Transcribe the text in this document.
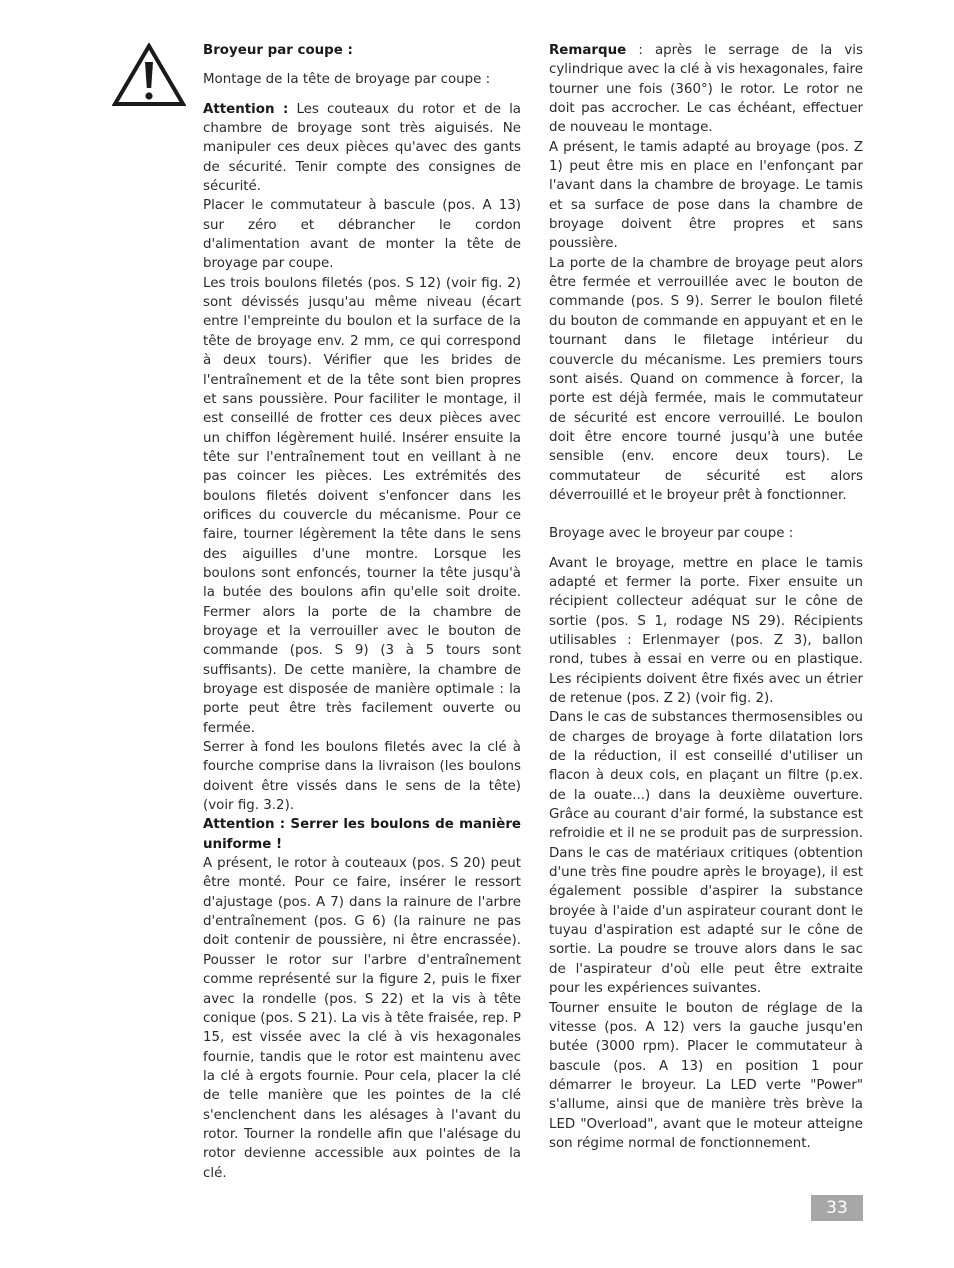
Broyeur par coupe :

Montage de la tête de broyage par coupe :

Attention : Les couteaux du rotor et de la chambre de broyage sont très aiguisés. Ne manipuler ces deux pièces qu'avec des gants de sécurité. Tenir compte des consignes de sécurité.

Placer le commutateur à bascule (pos. A 13) sur zéro et débrancher le cordon d'alimentation avant de monter la tête de broyage par coupe.

Les trois boulons filetés (pos. S 12) (voir fig. 2) sont dévissés jusqu'au même niveau (écart entre l'empreinte du boulon et la surface de la tête de broyage env. 2 mm, ce qui correspond à deux tours). Vérifier que les brides de l'entraînement et de la tête sont bien propres et sans poussière. Pour faciliter le montage, il est conseillé de frotter ces deux pièces avec un chiffon légèrement huilé. Insérer ensuite la tête sur l'entraînement tout en veillant à ne pas coincer les pièces. Les extrémités des boulons filetés doivent s'enfoncer dans les orifices du couvercle du mécanisme. Pour ce faire, tourner légèrement la tête dans le sens des aiguilles d'une montre. Lorsque les boulons sont enfoncés, tourner la tête jusqu'à la butée des boulons afin qu'elle soit droite. Fermer alors la porte de la chambre de broyage et la verrouiller avec le bouton de commande (pos. S 9) (3 à 5 tours sont suffisants). De cette manière, la chambre de broyage est disposée de manière optimale : la porte peut être très facilement ouverte ou fermée.

Serrer à fond les boulons filetés avec la clé à fourche comprise dans la livraison (les boulons doivent être vissés dans le sens de la tête) (voir fig. 3.2).

Attention : Serrer les boulons de manière uniforme !

A présent, le rotor à couteaux (pos. S 20) peut être monté. Pour ce faire, insérer le ressort d'ajustage (pos. A 7) dans la rainure de l'arbre d'entraînement (pos. G 6) (la rainure ne pas doit contenir de poussière, ni être encrassée). Pousser le rotor sur l'arbre d'entraînement comme représenté sur la figure 2, puis le fixer avec la rondelle (pos. S 22) et la vis à tête conique (pos. S 21). La vis à tête fraisée, rep. P 15, est vissée avec la clé à vis hexagonales fournie, tandis que le rotor est maintenu avec la clé à ergots fournie. Pour cela, placer la clé de telle manière que les pointes de la clé s'enclenchent dans les alésages à l'avant du rotor. Tourner la rondelle afin que l'alésage du rotor devienne accessible aux pointes de la clé.

Remarque : après le serrage de la vis cylindrique avec la clé à vis hexagonales, faire tourner une fois (360°) le rotor. Le rotor ne doit pas accrocher. Le cas échéant, effectuer de nouveau le montage.

A présent, le tamis adapté au broyage (pos. Z 1) peut être mis en place en l'enfonçant par l'avant dans la chambre de broyage. Le tamis et sa surface de pose dans la chambre de broyage doivent être propres et sans poussière.

La porte de la chambre de broyage peut alors être fermée et verrouillée avec le bouton de commande (pos. S 9). Serrer le boulon fileté du bouton de commande en appuyant et en le tournant dans le filetage intérieur du couvercle du mécanisme. Les premiers tours sont aisés. Quand on commence à forcer, la porte est déjà fermée, mais le commutateur de sécurité est encore verrouillé. Le boulon doit être encore tourné jusqu'à une butée sensible (env. encore deux tours). Le commutateur de sécurité est alors déverrouillé et le broyeur prêt à fonctionner.

Broyage avec le broyeur par coupe :

Avant le broyage, mettre en place le tamis adapté et fermer la porte. Fixer ensuite un récipient collecteur adéquat sur le cône de sortie (pos. S 1, rodage NS 29). Récipients utilisables : Erlenmayer (pos. Z 3), ballon rond, tubes à essai en verre ou en plastique. Les récipients doivent être fixés avec un étrier de retenue (pos. Z 2) (voir fig. 2).

Dans le cas de substances thermosensibles ou de charges de broyage à forte dilatation lors de la réduction, il est conseillé d'utiliser un flacon à deux cols, en plaçant un filtre (p.ex. de la ouate...) dans la deuxième ouverture. Grâce au courant d'air formé, la substance est refroidie et il ne se produit pas de surpression. Dans le cas de matériaux critiques (obtention d'une très fine poudre après le broyage), il est également possible d'aspirer la substance broyée à l'aide d'un aspirateur courant dont le tuyau d'aspiration est adapté sur le cône de sortie. La poudre se trouve alors dans le sac de l'aspirateur d'où elle peut être extraite pour les expériences suivantes.

Tourner ensuite le bouton de réglage de la vitesse (pos. A 12) vers la gauche jusqu'en butée (3000 rpm). Placer le commutateur à bascule (pos. A 13) en position 1 pour démarrer le broyeur. La LED verte "Power" s'allume, ainsi que de manière très brève la LED "Overload", avant que le moteur atteigne son régime normal de fonctionnement.

33
